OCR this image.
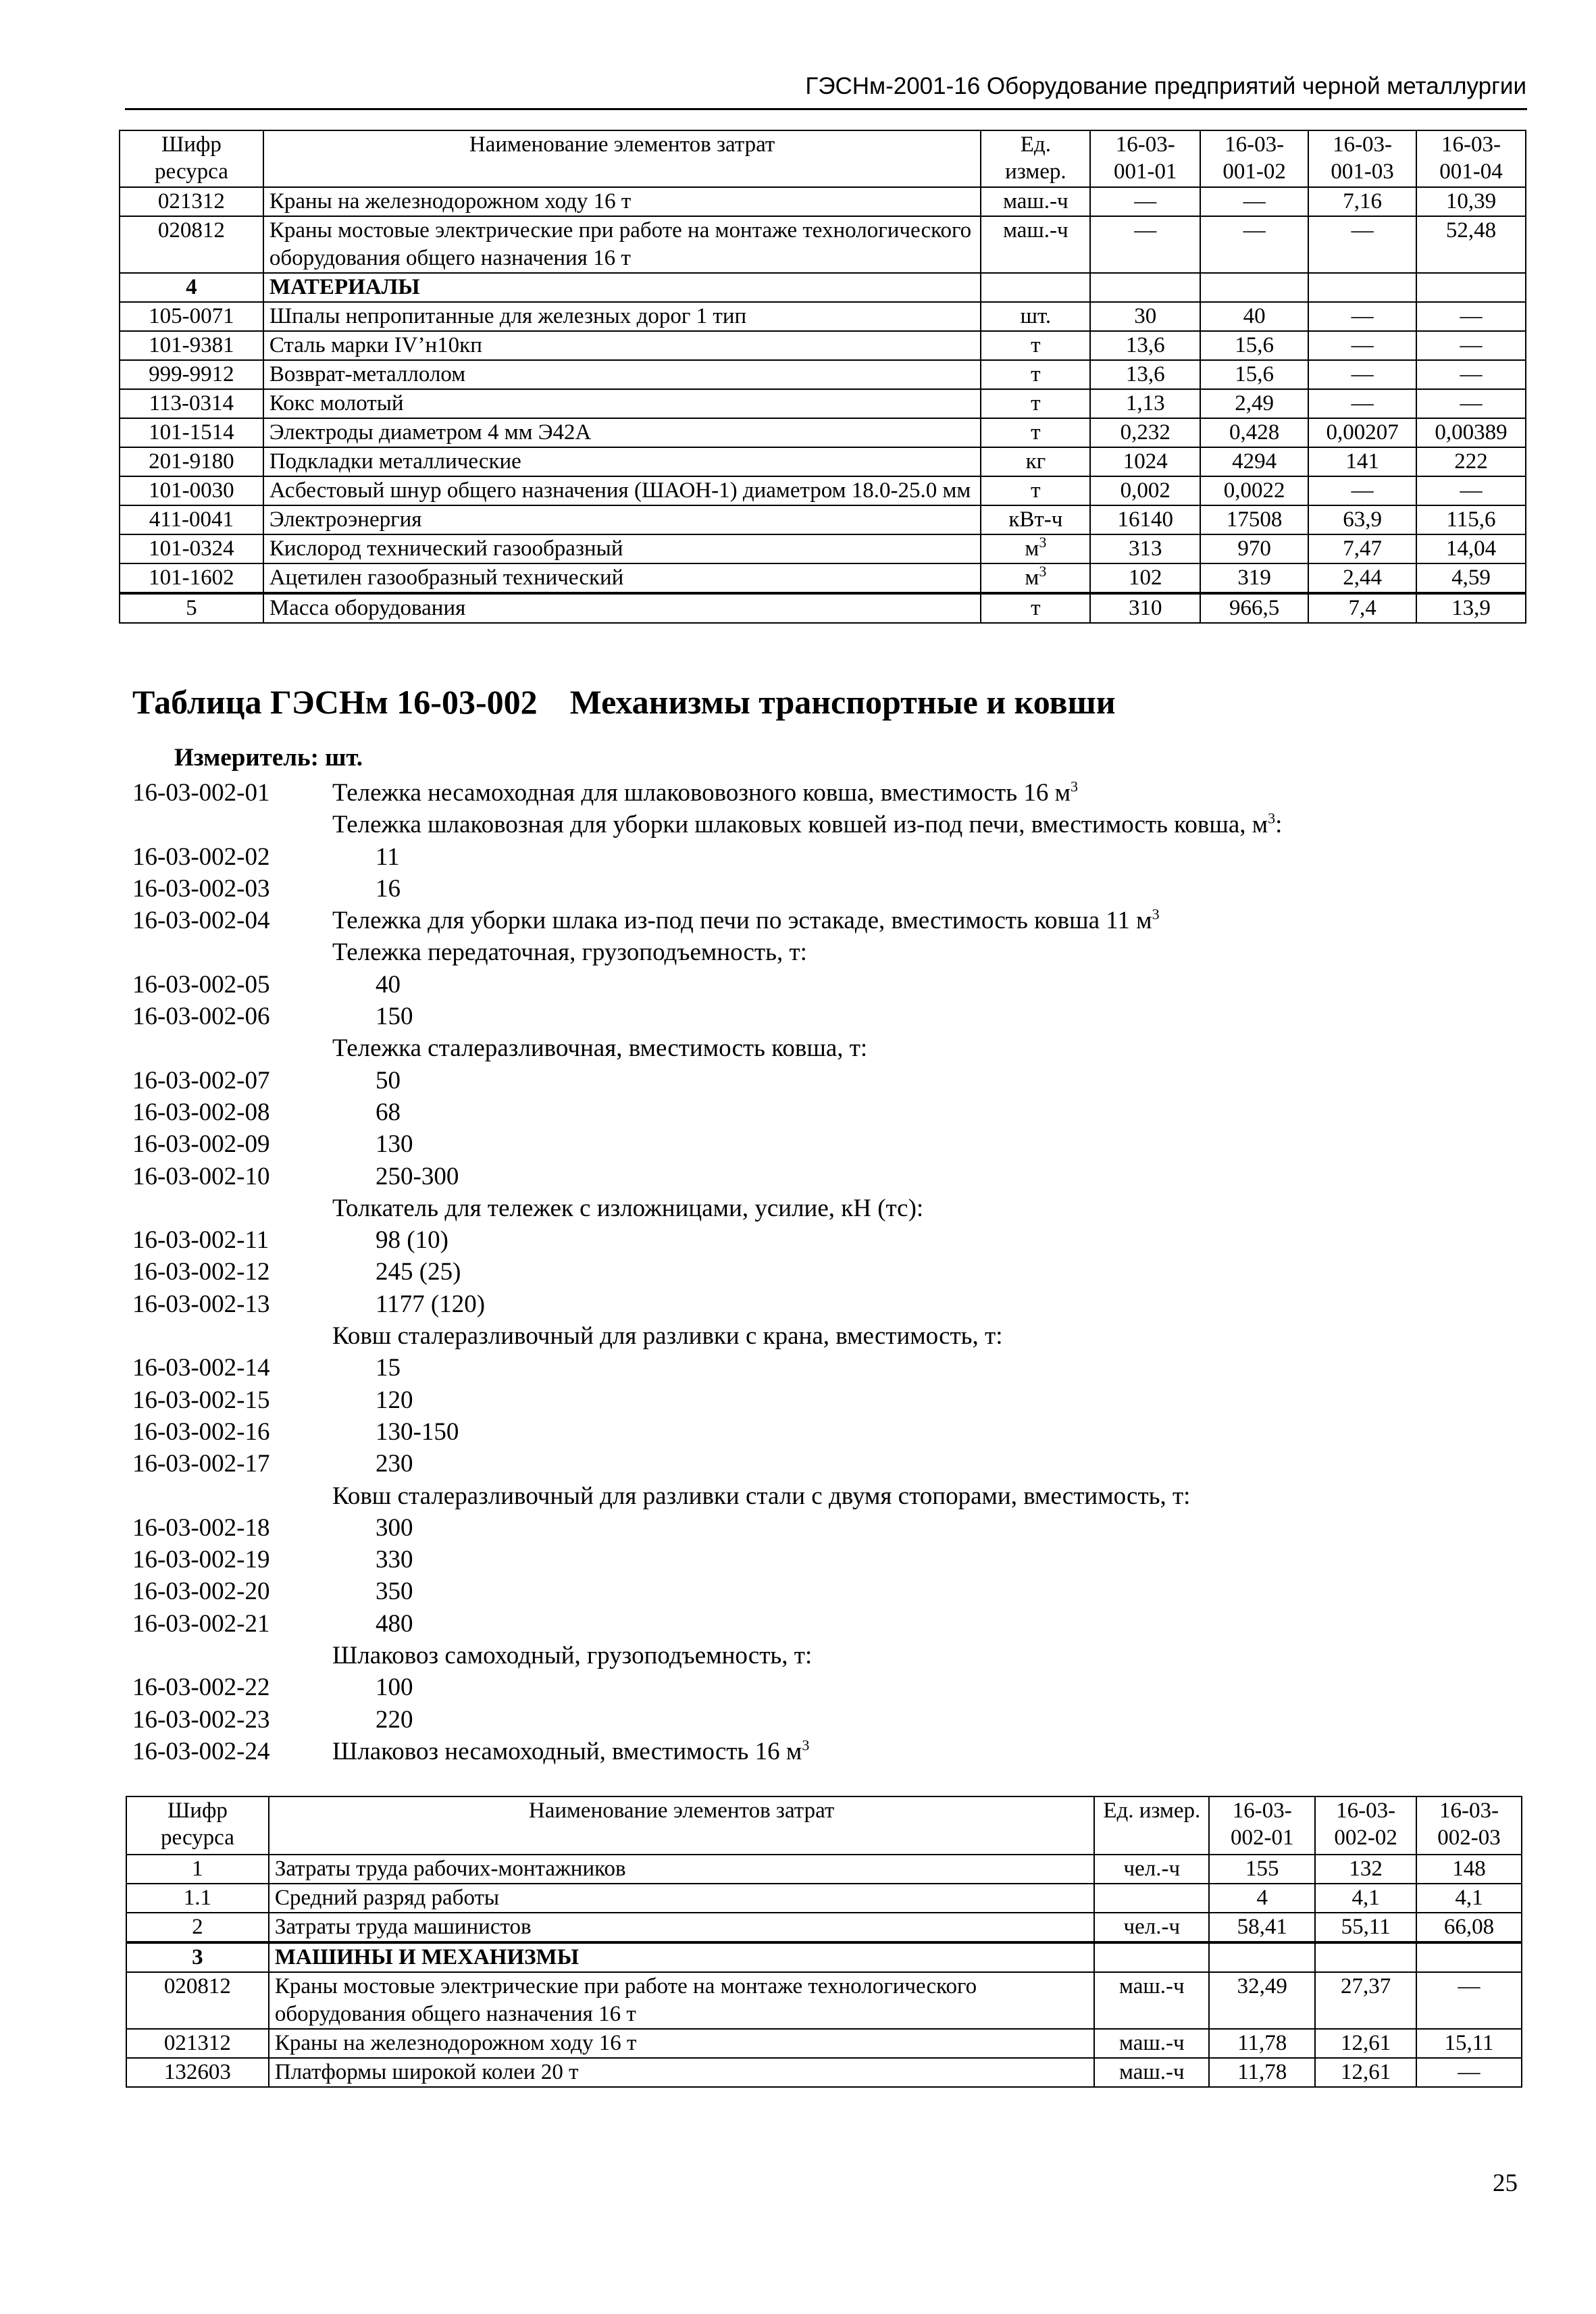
ГЭСНм-2001-16 Оборудование предприятий черной металлургии
Шифр ресурса	Наименование элементов затрат	Ед. измер.	16-03- 001-01	16-03- 001-02	16-03- 001-03	16-03- 001-04
021312	Краны на железнодорожном ходу 16 т	маш.-ч	—	—	7,16	10,39
020812	Краны мостовые электрические при работе на монтаже технологического оборудования общего назначения 16 т	маш.-ч	—	—	—	52,48
4	МАТЕРИАЛЫ					
105-0071	Шпалы непропитанные для железных дорог 1 тип	шт.	30	40	—	—
101-9381	Сталь марки IV’н10кп	т	13,6	15,6	—	—
999-9912	Возврат-металлолом	т	13,6	15,6	—	—
113-0314	Кокс молотый	т	1,13	2,49	—	—
101-1514	Электроды диаметром 4 мм Э42А	т	0,232	0,428	0,00207	0,00389
201-9180	Подкладки металлические	кг	1024	4294	141	222
101-0030	Асбестовый шнур общего назначения (ШАОН-1) диаметром 18.0-25.0 мм	т	0,002	0,0022	—	—
411-0041	Электроэнергия	кВт-ч	16140	17508	63,9	115,6
101-0324	Кислород технический газообразный	$м^3$	313	970	7,47	14,04
101-1602	Ацетилен газообразный технический	$м^3$	102	319	2,44	4,59
5	Масса оборудования	т	310	966,5	7,4	13,9
Таблица ГЭСНм 16-03-002 Механизмы транспортные и ковши
Измеритель: шт.
16-03-002-01	Тележка несамоходная для шлакововозного ковша, вместимость 16 $м^3$
Тележка шлаковозная для уборки шлаковых ковшей из-под печи, вместимость ковша, $м^3$:
16-03-002-02	11
16-03-002-03	16
16-03-002-04	Тележка для уборки шлака из-под печи по эстакаде, вместимость ковша 11 $м^3$
Тележка передаточная, грузоподъемность, т:
16-03-002-05	40
16-03-002-06	150
Тележка сталеразливочная, вместимость ковша, т:
16-03-002-07	50
16-03-002-08	68
16-03-002-09	130
16-03-002-10	250-300
Толкатель для тележек с изложницами, усилие, кН (тс):
16-03-002-11	98 (10)
16-03-002-12	245 (25)
16-03-002-13	1177 (120)
Ковш сталеразливочный для разливки с крана, вместимость, т:
16-03-002-14	15
16-03-002-15	120
16-03-002-16	130-150
16-03-002-17	230
Ковш сталеразливочный для разливки стали с двумя стопорами, вместимость, т:
16-03-002-18	300
16-03-002-19	330
16-03-002-20	350
16-03-002-21	480
Шлаковоз самоходный, грузоподъемность, т:
16-03-002-22	100
16-03-002-23	220
16-03-002-24	Шлаковоз несамоходный, вместимость 16 $м^3$
Шифр ресурса	Наименование элементов затрат	Ед. измер.	16-03- 002-01	16-03- 002-02	16-03- 002-03
1	Затраты труда рабочих-монтажников	чел.-ч	155	132	148
1.1	Средний разряд работы		4	4,1	4,1
2	Затраты труда машинистов	чел.-ч	58,41	55,11	66,08
3	МАШИНЫ И МЕХАНИЗМЫ				
020812	Краны мостовые электрические при работе на монтаже технологического оборудования общего назначения 16 т	маш.-ч	32,49	27,37	—
021312	Краны на железнодорожном ходу 16 т	маш.-ч	11,78	12,61	15,11
132603	Платформы широкой колеи 20 т	маш.-ч	11,78	12,61	—
25
